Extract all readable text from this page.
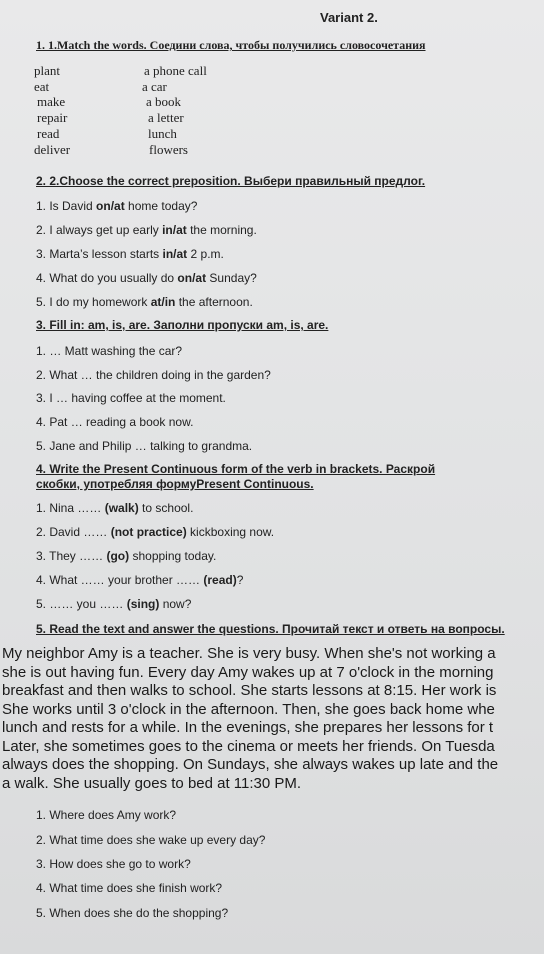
Variant 2.
1. 1.Match the words. Соедини слова, чтобы получились словосочетания
plant
eat
make
repair
read
deliver
a phone call
a car
a book
a letter
lunch
flowers
2. 2.Choose the correct preposition. Выбери правильный предлог.
1. Is David on/at home today?
2. I always get up early in/at the morning.
3. Marta’s lesson starts in/at 2 p.m.
4. What do you usually do on/at Sunday?
5. I do my homework at/in the afternoon.
3. Fill in: am, is, are. Заполни пропуски am, is, are.
1. … Matt washing the car?
2. What … the children doing in the garden?
3. I … having coffee at the moment.
4. Pat … reading a book now.
5. Jane and Philip … talking to grandma.
4. Write the Present Continuous form of the verb in brackets. Раскрой скобки, употребляя формуPresent Continuous.
1. Nina …… (walk) to school.
2. David …… (not practice) kickboxing now.
3. They …… (go) shopping today.
4. What …… your brother …… (read)?
5. …… you …… (sing) now?
5. Read the text and answer the questions. Прочитай текст и ответь на вопросы.
My neighbor Amy is a teacher. She is very busy. When she's not working a
she is out having fun. Every day Amy wakes up at 7 o'clock in the morning
breakfast and then walks to school. She starts lessons at 8:15. Her work is
She works until 3 o'clock in the afternoon. Then, she goes back home whe
lunch and rests for a while. In the evenings, she prepares her lessons for t
Later, she sometimes goes to the cinema or meets her friends. On Tuesda
always does the shopping. On Sundays, she always wakes up late and the
a walk. She usually goes to bed at 11:30 PM.
1. Where does Amy work?
2. What time does she wake up every day?
3. How does she go to work?
4. What time does she finish work?
5. When does she do the shopping?
